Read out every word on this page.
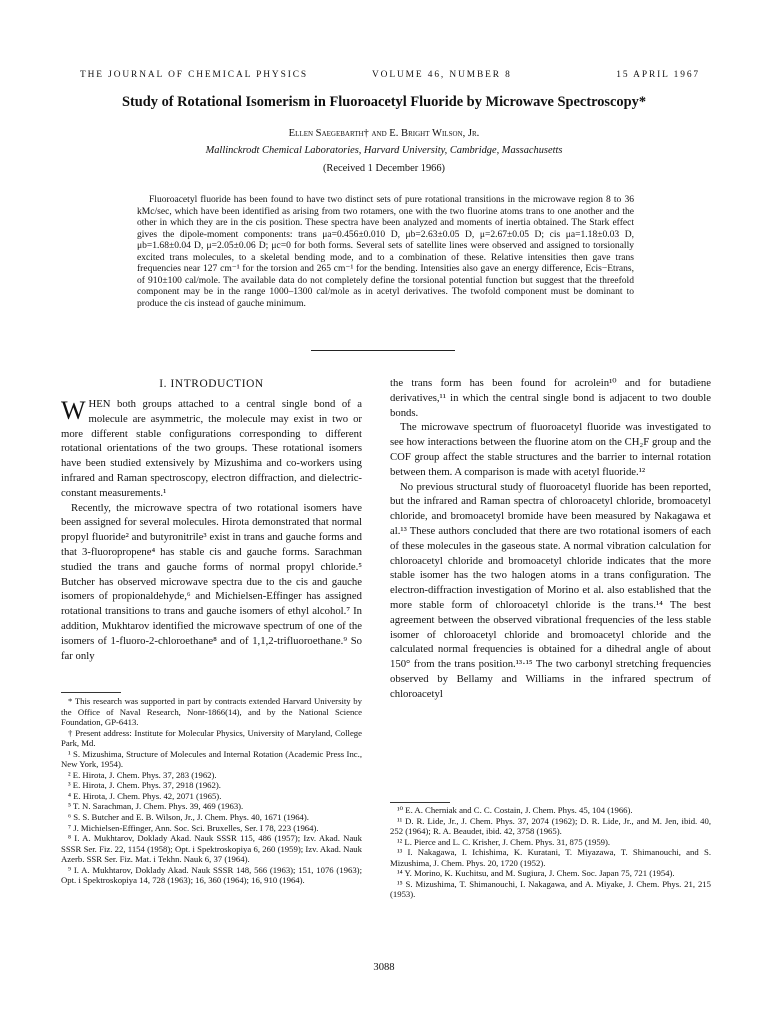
THE JOURNAL OF CHEMICAL PHYSICS	VOLUME 46, NUMBER 8	15 APRIL 1967
Study of Rotational Isomerism in Fluoroacetyl Fluoride by Microwave Spectroscopy*
Ellen Saegebarth† and E. Bright Wilson, Jr.
Mallinckrodt Chemical Laboratories, Harvard University, Cambridge, Massachusetts
(Received 1 December 1966)
Fluoroacetyl fluoride has been found to have two distinct sets of pure rotational transitions in the microwave region 8 to 36 kMc/sec, which have been identified as arising from two rotamers, one with the two fluorine atoms trans to one another and the other in which they are in the cis position. These spectra have been analyzed and moments of inertia obtained. The Stark effect gives the dipole-moment components: trans μa=0.456±0.010 D, μb=2.63±0.05 D, μ=2.67±0.05 D; cis μa=1.18±0.03 D, μb=1.68±0.04 D, μ=2.05±0.06 D; μc=0 for both forms. Several sets of satellite lines were observed and assigned to torsionally excited trans molecules, to a skeletal bending mode, and to a combination of these. Relative intensities then gave trans frequencies near 127 cm⁻¹ for the torsion and 265 cm⁻¹ for the bending. Intensities also gave an energy difference, Ecis−Etrans, of 910±100 cal/mole. The available data do not completely define the torsional potential function but suggest that the threefold component may be in the range 1000–1300 cal/mole as in acetyl derivatives. The twofold component must be dominant to produce the cis instead of gauche minimum.
I. INTRODUCTION

WHEN both groups attached to a central single bond of a molecule are asymmetric, the molecule may exist in two or more different stable configurations corresponding to different rotational orientations of the two groups. These rotational isomers have been studied extensively by Mizushima and co-workers using infrared and Raman spectroscopy, electron diffraction, and dielectric-constant measurements.¹

Recently, the microwave spectra of two rotational isomers have been assigned for several molecules. Hirota demonstrated that normal propyl fluoride² and butyronitrile³ exist in trans and gauche forms and that 3-fluoropropene⁴ has stable cis and gauche forms. Sarachman studied the trans and gauche forms of normal propyl chloride.⁵ Butcher has observed microwave spectra due to the cis and gauche isomers of propionaldehyde,⁶ and Michielsen-Effinger has assigned rotational transitions to trans and gauche isomers of ethyl alcohol.⁷ In addition, Mukhtarov identified the microwave spectrum of one of the isomers of 1-fluoro-2-chloroethane⁸ and of 1,1,2-trifluoroethane.⁹ So far only

* This research was supported in part by contracts extended Harvard University by the Office of Naval Research, Nonr-1866(14), and by the National Science Foundation, GP-6413.
† Present address: Institute for Molecular Physics, University of Maryland, College Park, Md.
¹ S. Mizushima, Structure of Molecules and Internal Rotation (Academic Press Inc., New York, 1954).
² E. Hirota, J. Chem. Phys. 37, 283 (1962).
³ E. Hirota, J. Chem. Phys. 37, 2918 (1962).
⁴ E. Hirota, J. Chem. Phys. 42, 2071 (1965).
⁵ T. N. Sarachman, J. Chem. Phys. 39, 469 (1963).
⁶ S. S. Butcher and E. B. Wilson, Jr., J. Chem. Phys. 40, 1671 (1964).
⁷ J. Michielsen-Effinger, Ann. Soc. Sci. Bruxelles, Ser. I 78, 223 (1964).
⁸ I. A. Mukhtarov, Doklady Akad. Nauk SSSR 115, 486 (1957); Izv. Akad. Nauk SSSR Ser. Fiz. 22, 1154 (1958); Opt. i Spektroskopiya 6, 260 (1959); Izv. Akad. Nauk Azerb. SSR Ser. Fiz. Mat. i Tekhn. Nauk 6, 37 (1964).
⁹ I. A. Mukhtarov, Doklady Akad. Nauk SSSR 148, 566 (1963); 151, 1076 (1963); Opt. i Spektroskopiya 14, 728 (1963); 16, 360 (1964); 16, 910 (1964).

the trans form has been found for acrolein¹⁰ and for butadiene derivatives,¹¹ in which the central single bond is adjacent to two double bonds.

The microwave spectrum of fluoroacetyl fluoride was investigated to see how interactions between the fluorine atom on the CH₂F group and the COF group affect the stable structures and the barrier to internal rotation between them. A comparison is made with acetyl fluoride.¹²

No previous structural study of fluoroacetyl fluoride has been reported, but the infrared and Raman spectra of chloroacetyl chloride, bromoacetyl chloride, and bromoacetyl bromide have been measured by Nakagawa et al.¹³ These authors concluded that there are two rotational isomers of each of these molecules in the gaseous state. A normal vibration calculation for chloroacetyl chloride and bromoacetyl chloride indicates that the more stable isomer has the two halogen atoms in a trans configuration. The electron-diffraction investigation of Morino et al. also established that the more stable form of chloroacetyl chloride is the trans.¹⁴ The best agreement between the observed vibrational frequencies of the less stable isomer of chloroacetyl chloride and bromoacetyl chloride and the calculated normal frequencies is obtained for a dihedral angle of about 150° from the trans position.¹³·¹⁵ The two carbonyl stretching frequencies observed by Bellamy and Williams in the infrared spectrum of chloroacetyl

¹⁰ E. A. Cherniak and C. C. Costain, J. Chem. Phys. 45, 104 (1966).
¹¹ D. R. Lide, Jr., J. Chem. Phys. 37, 2074 (1962); D. R. Lide, Jr., and M. Jen, ibid. 40, 252 (1964); R. A. Beaudet, ibid. 42, 3758 (1965).
¹² L. Pierce and L. C. Krisher, J. Chem. Phys. 31, 875 (1959).
¹³ I. Nakagawa, I. Ichishima, K. Kuratani, T. Miyazawa, T. Shimanouchi, and S. Mizushima, J. Chem. Phys. 20, 1720 (1952).
¹⁴ Y. Morino, K. Kuchitsu, and M. Sugiura, J. Chem. Soc. Japan 75, 721 (1954).
¹⁵ S. Mizushima, T. Shimanouchi, I. Nakagawa, and A. Miyake, J. Chem. Phys. 21, 215 (1953).
3088
